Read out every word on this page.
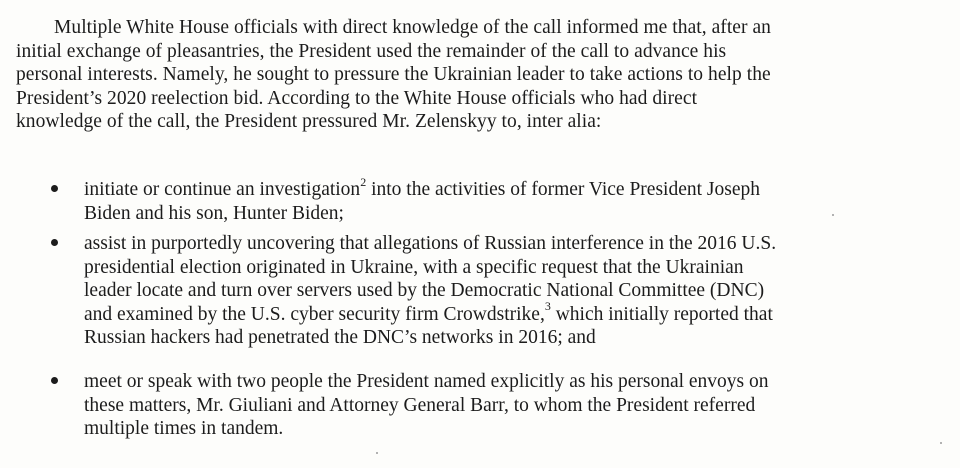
Multiple White House officials with direct knowledge of the call informed me that, after an
initial exchange of pleasantries, the President used the remainder of the call to advance his
personal interests. Namely, he sought to pressure the Ukrainian leader to take actions to help the
President’s 2020 reelection bid. According to the White House officials who had direct
knowledge of the call, the President pressured Mr. Zelenskyy to, inter alia:

initiate or continue an investigation$^2$ into the activities of former Vice President Joseph
Biden and his son, Hunter Biden;
assist in purportedly uncovering that allegations of Russian interference in the 2016 U.S.
presidential election originated in Ukraine, with a specific request that the Ukrainian
leader locate and turn over servers used by the Democratic National Committee (DNC)
and examined by the U.S. cyber security firm Crowdstrike,$^3$ which initially reported that
Russian hackers had penetrated the DNC’s networks in 2016; and
meet or speak with two people the President named explicitly as his personal envoys on
these matters, Mr. Giuliani and Attorney General Barr, to whom the President referred
multiple times in tandem.
